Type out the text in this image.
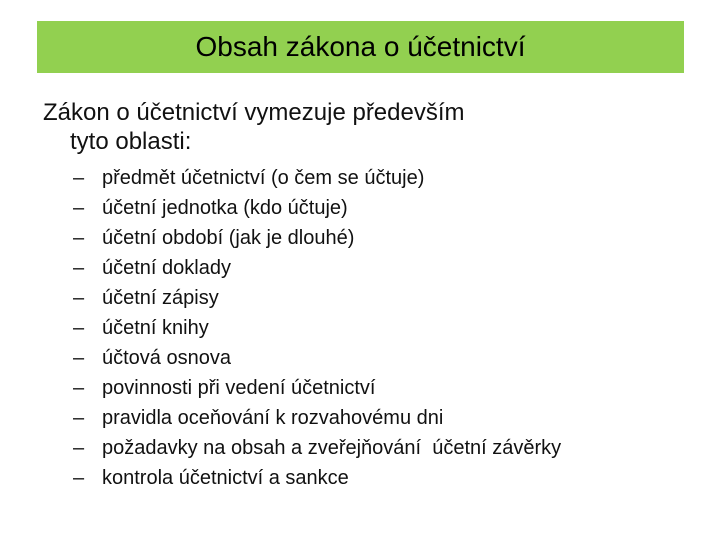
Obsah zákona o účetnictví
Zákon o účetnictví vymezuje především
tyto oblasti:
– předmět účetnictví (o čem se účtuje)
– účetní jednotka (kdo účtuje)
– účetní období (jak je dlouhé)
– účetní doklady
– účetní zápisy
– účetní knihy
– účtová osnova
– povinnosti při vedení účetnictví
– pravidla oceňování k rozvahovému dni
– požadavky na obsah a zveřejňování  účetní závěrky
– kontrola účetnictví a sankce
